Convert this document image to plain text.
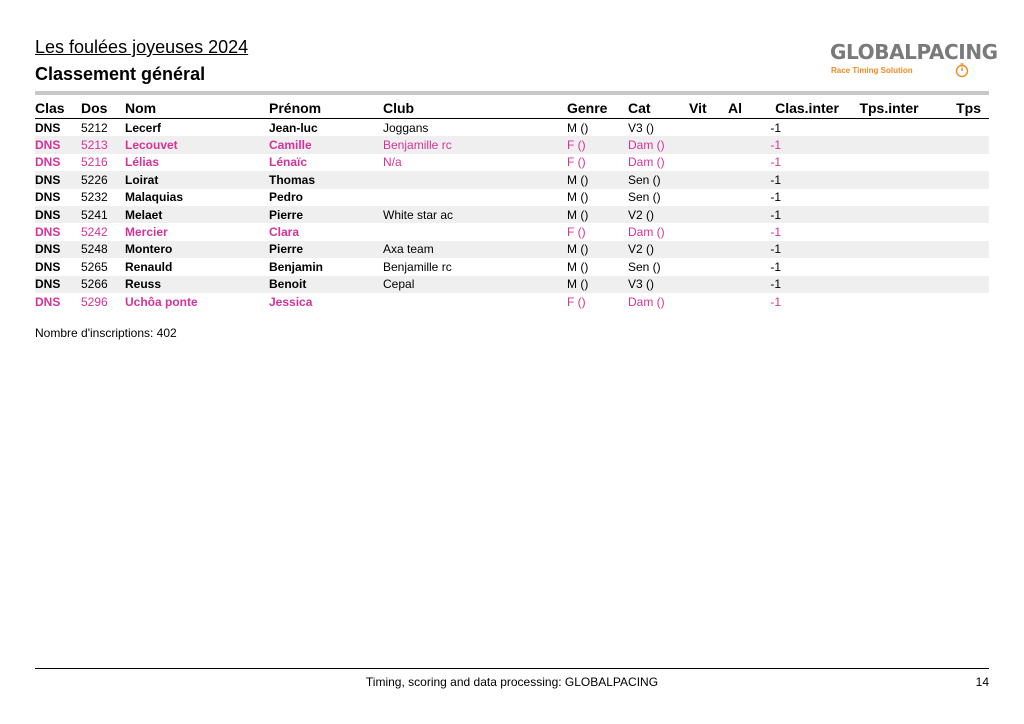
Les foulées joyeuses 2024
Classement général
GLOBALPACING
Race Timing Solution
Clas	Dos	Nom	Prénom	Club	Genre	Cat	Vit	Al	Clas.inter	Tps.inter	Tps
DNS	5212	Lecerf	Jean-luc	Joggans	M ()	V3 ()			-1		
DNS	5213	Lecouvet	Camille	Benjamille rc	F ()	Dam ()			-1		
DNS	5216	Lélias	Lénaïc	N/a	F ()	Dam ()			-1		
DNS	5226	Loirat	Thomas		M ()	Sen ()			-1		
DNS	5232	Malaquias	Pedro		M ()	Sen ()			-1		
DNS	5241	Melaet	Pierre	White star ac	M ()	V2 ()			-1		
DNS	5242	Mercier	Clara		F ()	Dam ()			-1		
DNS	5248	Montero	Pierre	Axa team	M ()	V2 ()			-1		
DNS	5265	Renauld	Benjamin	Benjamille rc	M ()	Sen ()			-1		
DNS	5266	Reuss	Benoit	Cepal	M ()	V3 ()			-1		
DNS	5296	Uchôa ponte	Jessica		F ()	Dam ()			-1		
Nombre d'inscriptions: 402
Timing, scoring and data processing: GLOBALPACING	14
